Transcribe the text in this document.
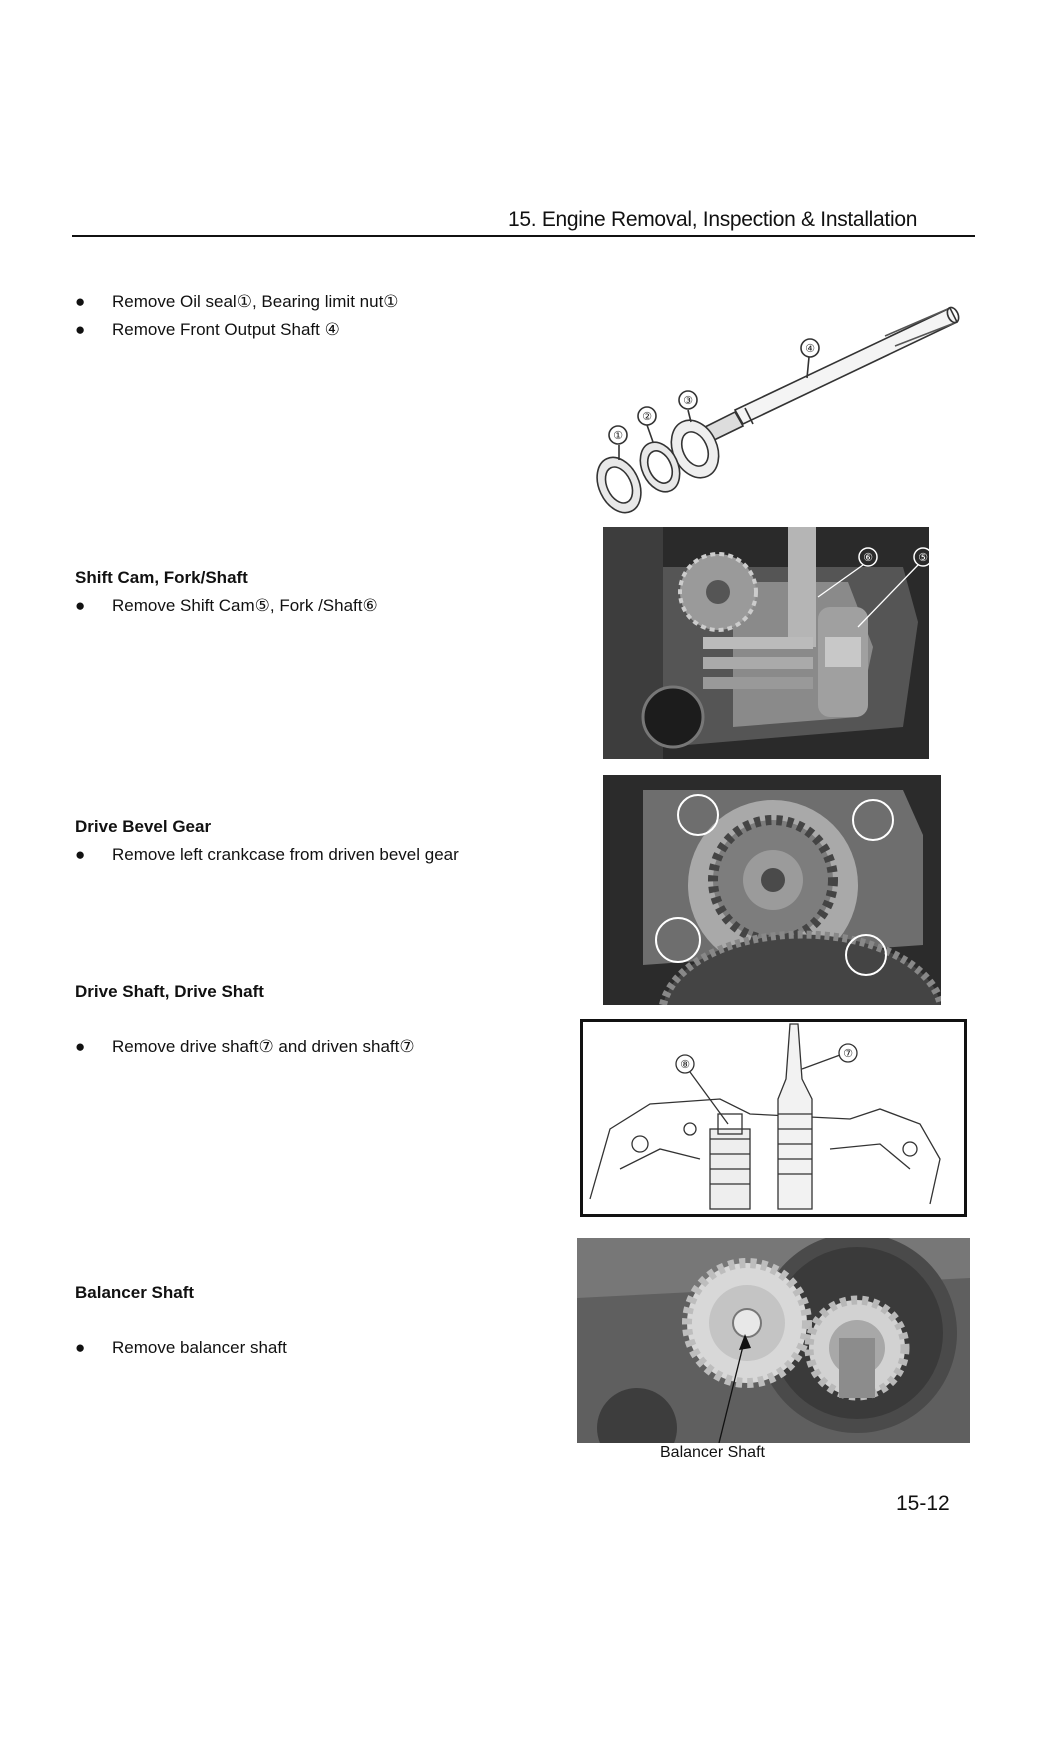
15. Engine Removal, Inspection & Installation
● Remove Oil seal①, Bearing limit nut①
● Remove Front Output Shaft ④
①
②
③
④
Shift Cam, Fork/Shaft
● Remove Shift Cam⑤, Fork /Shaft⑥
⑥	⑤
Drive Bevel Gear
● Remove left crankcase from driven bevel gear
Drive Shaft, Drive Shaft
● Remove drive shaft⑦ and driven shaft⑦
⑧
⑦
Balancer Shaft
● Remove balancer shaft
Balancer Shaft
15-12
